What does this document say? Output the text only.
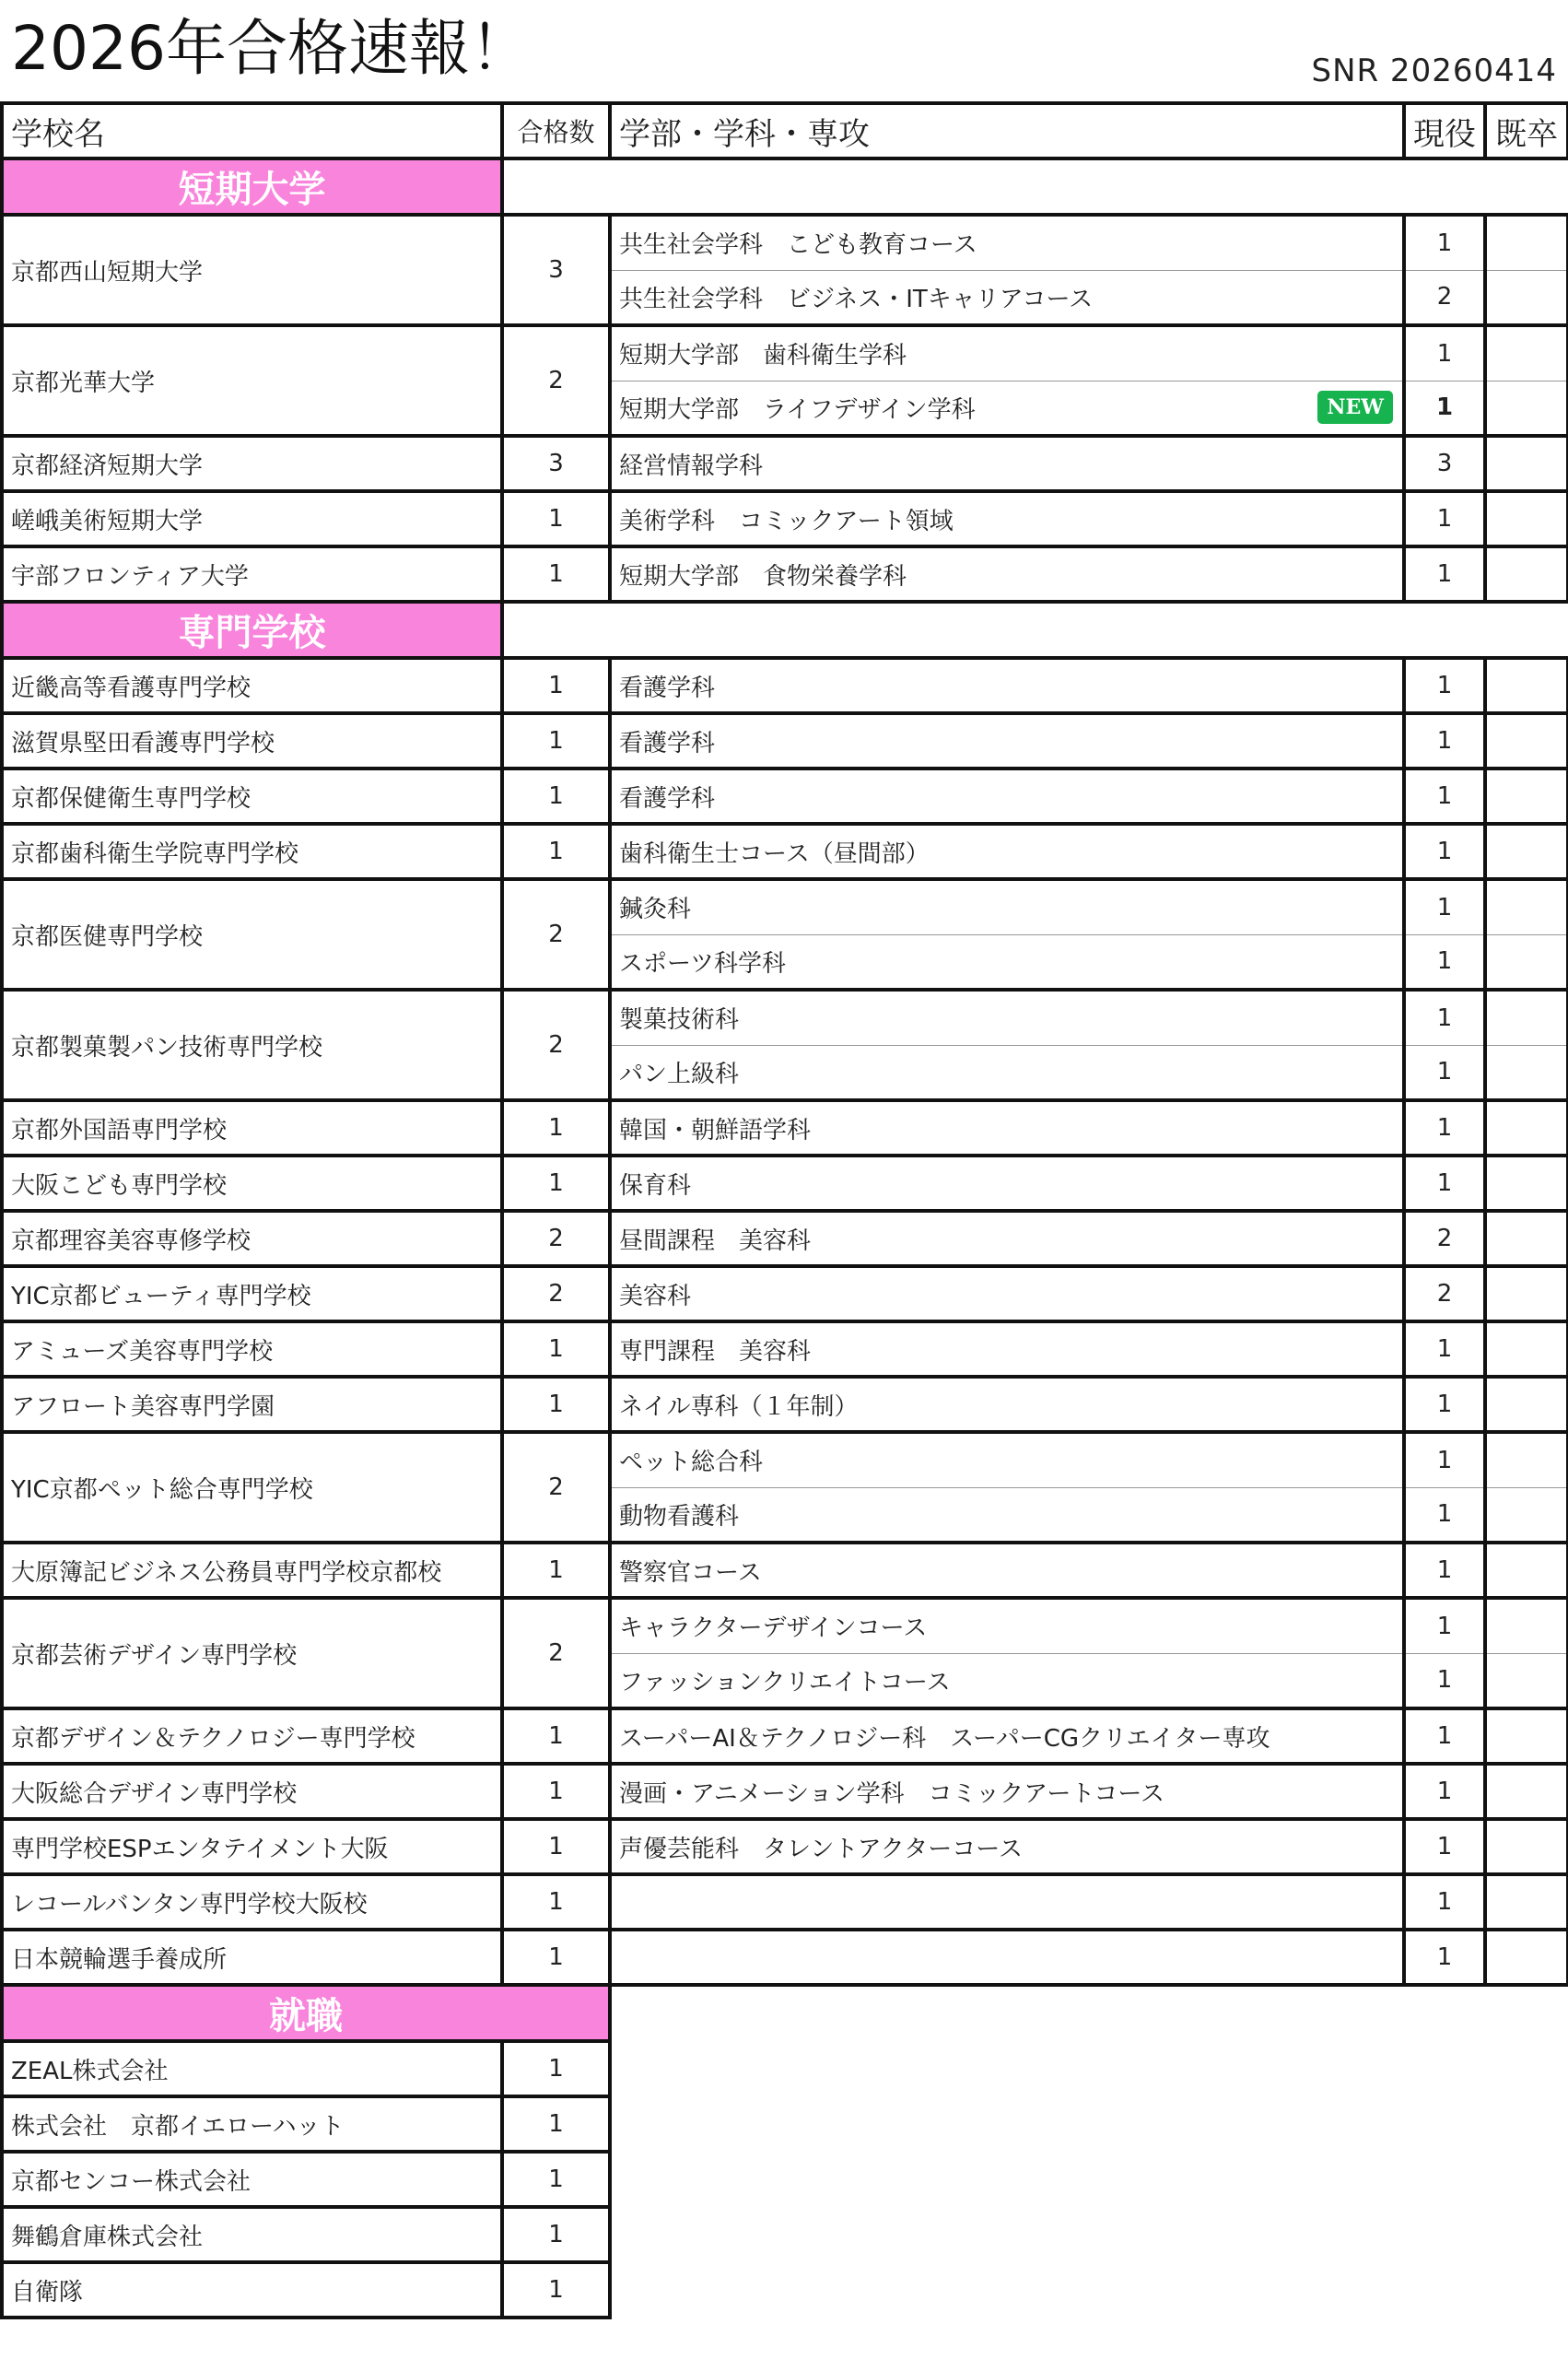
2026年合格速報！	SNR 20260414
学校名	合格数	学部・学科・専攻	現役	既卒
短期大学				
京都西山短期大学	3	共生社会学科　こども教育コース	1	

		共生社会学科　ビジネス・ITキャリアコース	2	
京都光華大学	2	短期大学部　歯科衛生学科	1	

		短期大学部　ライフデザイン学科 NEW	1	
京都経済短期大学	3	経営情報学科	3	
嵯峨美術短期大学	1	美術学科　コミックアート領域	1	
宇部フロンティア大学	1	短期大学部　食物栄養学科	1	
専門学校				
近畿高等看護専門学校	1	看護学科	1	
滋賀県堅田看護専門学校	1	看護学科	1	
京都保健衛生専門学校	1	看護学科	1	
京都歯科衛生学院専門学校	1	歯科衛生士コース（昼間部）	1	
京都医健専門学校	2	鍼灸科	1	

		スポーツ科学科	1	
京都製菓製パン技術専門学校	2	製菓技術科	1	

		パン上級科	1	
京都外国語専門学校	1	韓国・朝鮮語学科	1	
大阪こども専門学校	1	保育科	1	
京都理容美容専修学校	2	昼間課程　美容科	2	
YIC京都ビューティ専門学校	2	美容科	2	
アミューズ美容専門学校	1	専門課程　美容科	1	
アフロート美容専門学園	1	ネイル専科（１年制）	1	
YIC京都ペット総合専門学校	2	ペット総合科	1	

		動物看護科	1	
大原簿記ビジネス公務員専門学校京都校	1	警察官コース	1	
京都芸術デザイン専門学校	2	キャラクターデザインコース	1	

		ファッションクリエイトコース	1	
京都デザイン＆テクノロジー専門学校	1	スーパーAI＆テクノロジー科　スーパーCGクリエイター専攻	1	
大阪総合デザイン専門学校	1	漫画・アニメーション学科　コミックアートコース	1	
専門学校ESPエンタテイメント大阪	1	声優芸能科　タレントアクターコース	1	
レコールバンタン専門学校大阪校	1		1	
日本競輪選手養成所	1		1	
就職				
ZEAL株式会社	1			
株式会社　京都イエローハット	1			
京都センコー株式会社	1			
舞鶴倉庫株式会社	1			
自衛隊	1			
